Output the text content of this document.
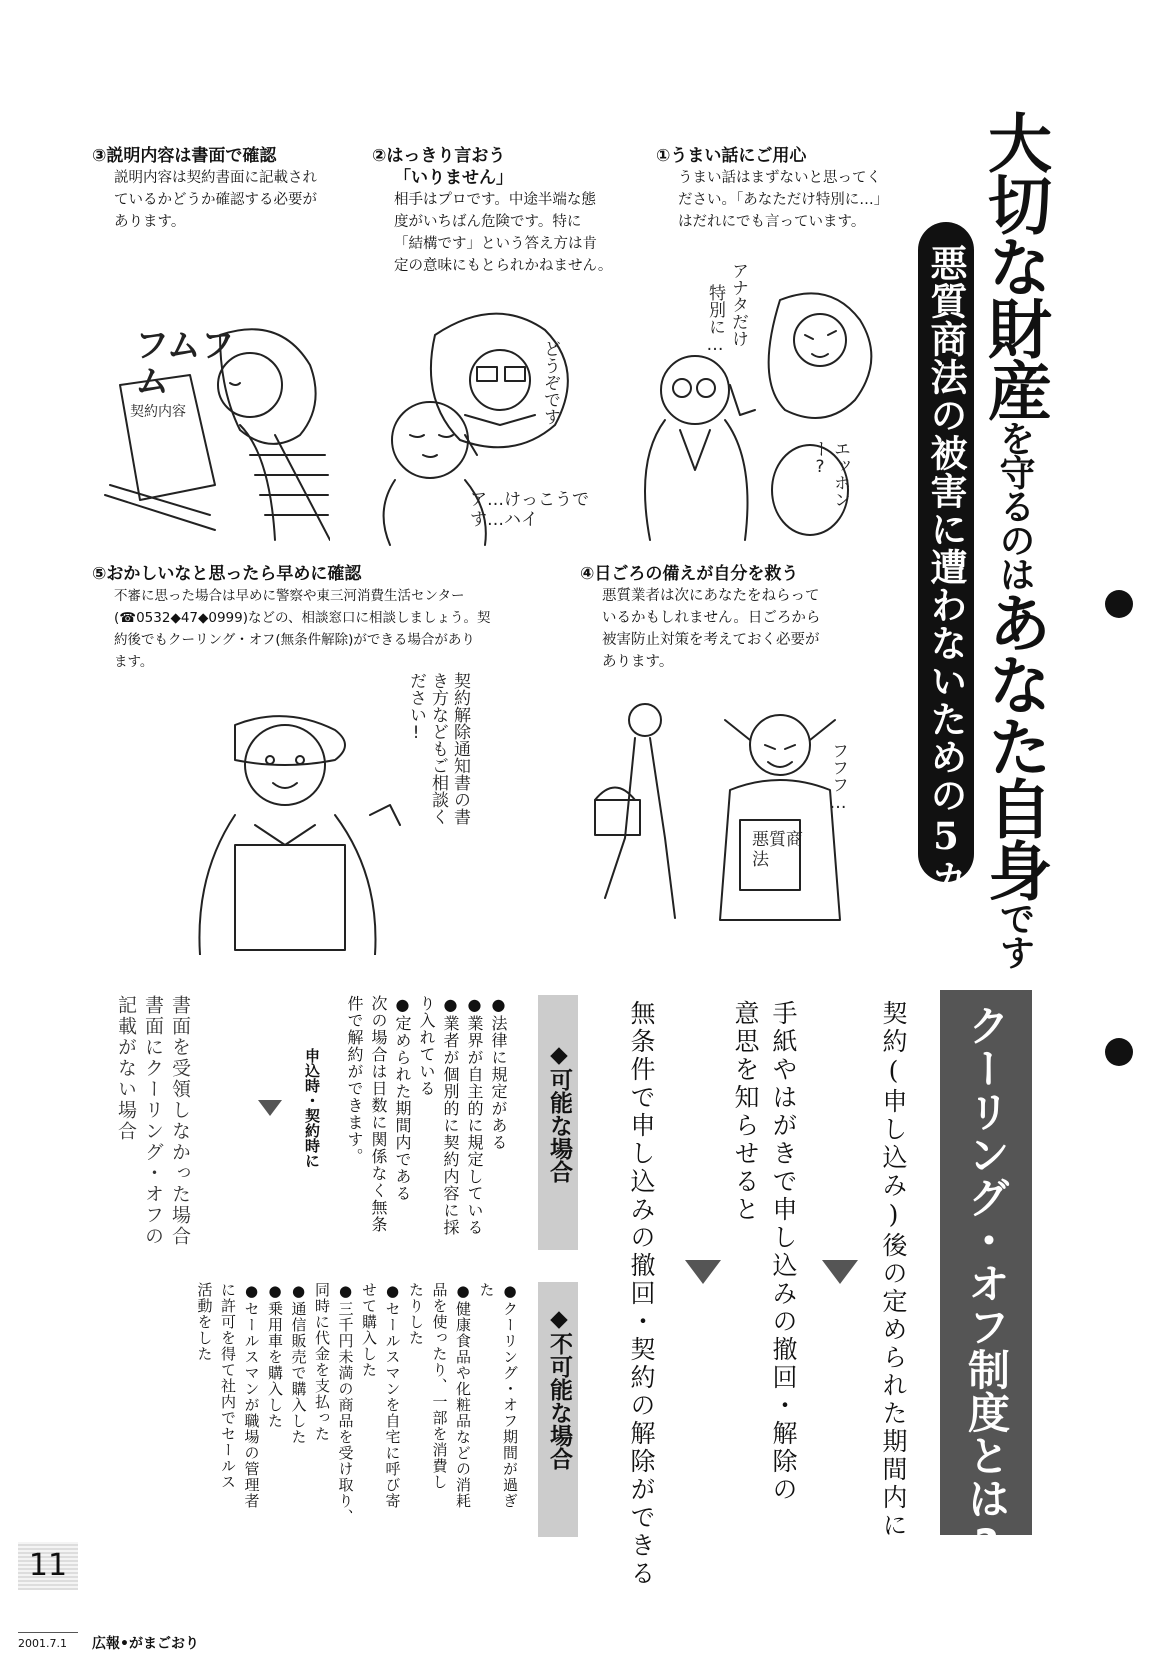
大切な財産を守るのはあなた自身です
悪質商法の被害に遭わないための5カ条
①うまい話にご用心
うまい話はまずないと思ってく
ださい。「あなただけ特別に…」
はだれにでも言っています。
②はっきり言おう
「いりません」
相手はプロです。中途半端な態
度がいちばん危険です。特に
「結構です」という答え方は肯
定の意味にもとられかねません。
③説明内容は書面で確認
説明内容は契約書面に記載され
ているかどうか確認する必要が
あります。
④日ごろの備えが自分を救う
悪質業者は次にあなたをねらって
いるかもしれません。日ごろから
被害防止対策を考えておく必要が
あります。
⑤おかしいなと思ったら早めに確認
不審に思った場合は早めに警察や東三河消費生活センター
(☎0532◆47◆0999)などの、相談窓口に相談しましょう。契
約後でもクーリング・オフ(無条件解除)ができる場合があり
ます。
アナタだけ
特別に…
エッホント?
どうぞです
ア…けっこうです…ハイ
フムフム
契約内容
フフフ…
悪質商法
契約解除通知書の書き方などもご相談ください!
クーリング・オフ制度とは?
契約(申し込み)後の定められた期間内に
手紙やはがきで申し込みの撤回・解除の
意思を知らせると
無条件で申し込みの撤回・契約の解除ができる
◆可能な場合
●法律に規定がある
●業界が自主的に規定している
●業者が個別的に契約内容に採
り入れている
●定められた期間内である
次の場合は日数に関係なく無条
件で解約ができます。
申込時・契約時に
◆不可能な場合
●クーリング・オフ期間が過ぎ
た
●健康食品や化粧品などの消耗
品を使ったり、一部を消費し
たりした
●セールスマンを自宅に呼び寄
せて購入した
●三千円未満の商品を受け取り、
同時に代金を支払った
●通信販売で購入した
●乗用車を購入した
●セールスマンが職場の管理者
に許可を得て社内でセールス
活動をした
書面を受領しなかった場合
書面にクーリング・オフの
記載がない場合
11
2001.7.1 広報•がまごおり
